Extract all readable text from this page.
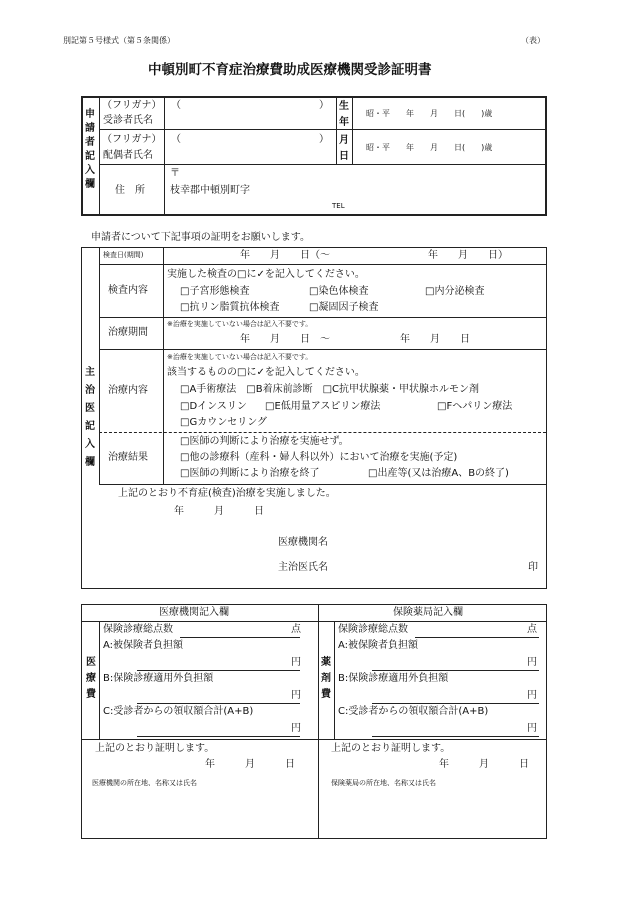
別記第５号様式（第５条関係）	（表）
中頓別町不育症治療費助成医療機関受診証明書
申
請
者
記
入
欄
（フリガナ）
受診者氏名
（	）
（フリガナ）
配偶者氏名
（	）
生
年
月
日
昭・平　　年　　月　　日(　　)歳
昭・平　　年　　月　　日(　　)歳
住　所
〒
枝幸郡中頓別町字
TEL
申請者について下記事項の証明をお願いします。
主
治
医
記
入
欄
検査日(期間)	年　　月　　日（～	年　　月　　日）
検査内容
実施した検査の□に✓を記入してください。
□子宮形態検査	□染色体検査	□内分泌検査
□抗リン脂質抗体検査	□凝固因子検査
治療期間
※治療を実施していない場合は記入不要です。
年　　月　　日　～	年　　月　　日
治療内容
※治療を実施していない場合は記入不要です。
該当するものの□に✓を記入してください。
□A手術療法　□B着床前診断　□C抗甲状腺薬・甲状腺ホルモン剤
□Dインスリン □E低用量アスピリン療法	□Fヘパリン療法
□Gカウンセリング
治療結果
□医師の判断により治療を実施せず。
□他の診療科（産科・婦人科以外）において治療を実施(予定)
□医師の判断により治療を終了	□出産等(又は治療A、Bの終了)
上記のとおり不育症(検査)治療を実施しました。
年　　　月　　　日
医療機関名
主治医氏名	印
医療機関記入欄	保険薬局記入欄
医
療
費
薬
剤
費
保険診療総点数	点
A:被保険者負担額
円
B:保険診療適用外負担額
円
C:受診者からの領収額合計(A+B)
円
保険診療総点数	点
A:被保険者負担額
円
B:保険診療適用外負担額
円
C:受診者からの領収額合計(A+B)
円
上記のとおり証明します。
年　　　月　　　日
医療機関の所在地、名称又は氏名
上記のとおり証明します。
年　　　月　　　日
保険薬局の所在地、名称又は氏名
